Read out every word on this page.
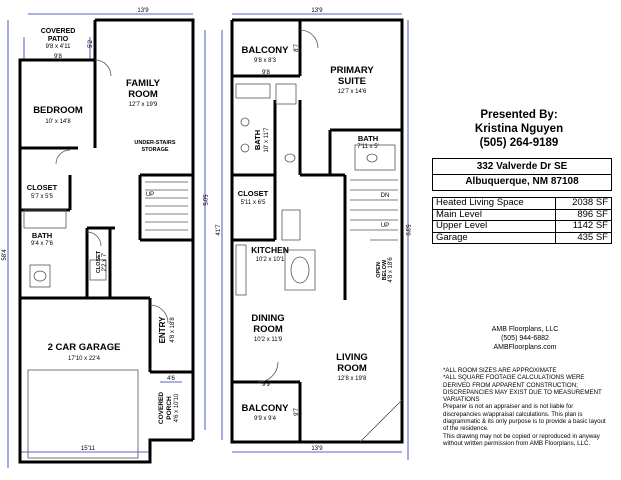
COVERED
PATIO
9'8 x 4'11
FAMILY
ROOM
12'7 x 19'9
BEDROOM
10' x 14'8
UNDER-STAIRS
STORAGE
CLOSET
5'7 x 5'5
BATH
9'4 x 7'6
CLOSET 2'2 x 7'
2 CAR GARAGE
17'10 x 22'4
ENTRY 4'8 x 18'8
COVERED PORCH 4'6 x 10'10
13'9
5'2
9'8
50'5
58'4
4'6
15'11
UP
BALCONY
9'8 x 8'3
PRIMARY
SUITE
12'7 x 14'6
BATH 10' x 11'7	BATH
7'11 x 5'
CLOSET
5'11 x 6'5
KITCHEN
10'2 x 10'1
OPEN BELOW 4'8 x 18'6
DINING
ROOM
10'2 x 11'9
LIVING
ROOM
12'8 x 19'8
BALCONY
9'9 x 9'4
13'9
9'8
8'7
41'7	53'9
9'9
9'7
13'9
DN
UP
Presented By:
Kristina Nguyen
(505) 264-9189
332 Valverde Dr SE
Albuquerque, NM 87108
Heated Living Space	2038 SF
Main Level	896 SF
Upper Level	1142 SF
Garage	435 SF
AMB Floorplans, LLC
(505) 944-6882
AMBFloorplans.com
*ALL ROOM SIZES ARE APPROXIMATE
*ALL SQUARE FOOTAGE CALCULATIONS WERE DERIVED FROM APPARENT CONSTRUCTION; DISCREPANCIES MAY EXIST DUE TO MEASUREMENT VARIATIONS
Preparer is not an appraiser and is not liable for discrepancies w/appraisal calculations. This plan is diagrammatic & its only purpose is to provide a basic layout of the residence.
This drawing may not be copied or reproduced in anyway without written permission from AMB Floorplans, LLC.
